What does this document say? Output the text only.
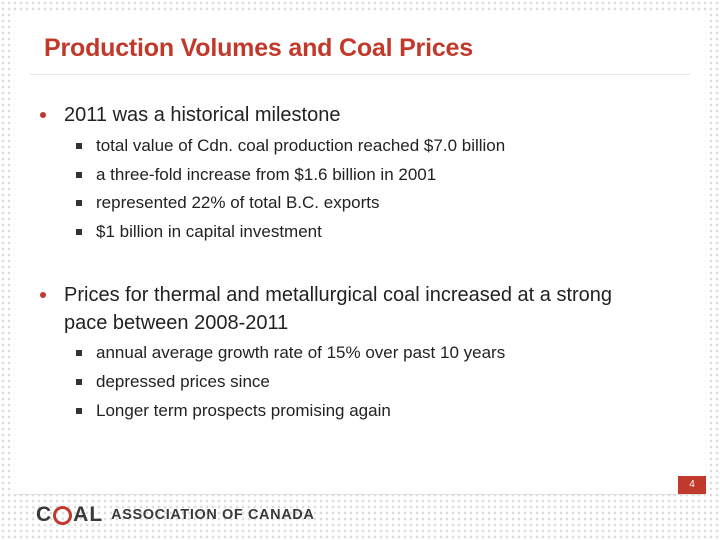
Production Volumes and Coal Prices
2011 was a historical milestone
total value of Cdn. coal production reached $7.0 billion
a three-fold increase from $1.6 billion in 2001
represented 22% of total B.C. exports
$1 billion in capital investment
Prices for thermal and metallurgical coal increased at a strong
pace between 2008-2011
annual average growth rate of 15% over past 10 years
depressed prices since
Longer term prospects promising again
C AL ASSOCIATION OF CANADA
4
